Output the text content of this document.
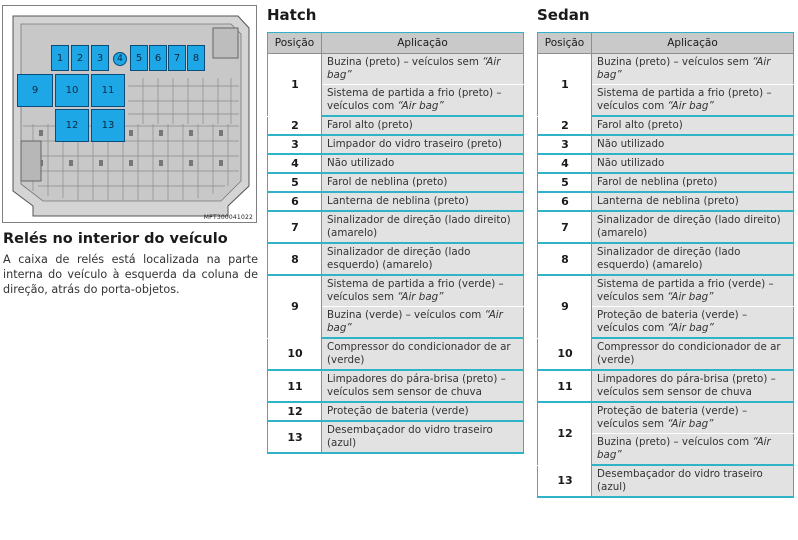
1	2	3	4	5	6	7	8
9	10	11
12	13
MPT300041022
Relés no interior do veículo
A caixa de relés está localizada na parte interna do veículo à esquerda da coluna de direção, atrás do porta-objetos.
Hatch
Posição	Aplicação
1	Buzina (preto) – veículos sem “Air bag”
	Sistema de partida a frio (preto) – veículos com “Air bag”
2	Farol alto (preto)
3	Limpador do vidro traseiro (preto)
4	Não utilizado
5	Farol de neblina (preto)
6	Lanterna de neblina (preto)
7	Sinalizador de direção (lado direito) (amarelo)
8	Sinalizador de direção (lado esquerdo) (amarelo)
9	Sistema de partida a frio (verde) – veículos sem “Air bag”
	Buzina (verde) – veículos com “Air bag”
10	Compressor do condicionador de ar (verde)
11	Limpadores do pára-brisa (preto) – veículos sem sensor de chuva
12	Proteção de bateria (verde)
13	Desembaçador do vidro traseiro (azul)
Sedan
Posição	Aplicação
1	Buzina (preto) – veículos sem “Air bag”
	Sistema de partida a frio (preto) – veículos com “Air bag”
2	Farol alto (preto)
3	Não utilizado
4	Não utilizado
5	Farol de neblina (preto)
6	Lanterna de neblina (preto)
7	Sinalizador de direção (lado direito) (amarelo)
8	Sinalizador de direção (lado esquerdo) (amarelo)
9	Sistema de partida a frio (verde) – veículos sem “Air bag”
	Proteção de bateria (verde) – veículos com “Air bag”
10	Compressor do condicionador de ar (verde)
11	Limpadores do pára-brisa (preto) – veículos sem sensor de chuva
12	Proteção de bateria (verde) – veículos sem “Air bag”
	Buzina (preto) – veículos com “Air bag”
13	Desembaçador do vidro traseiro (azul)
